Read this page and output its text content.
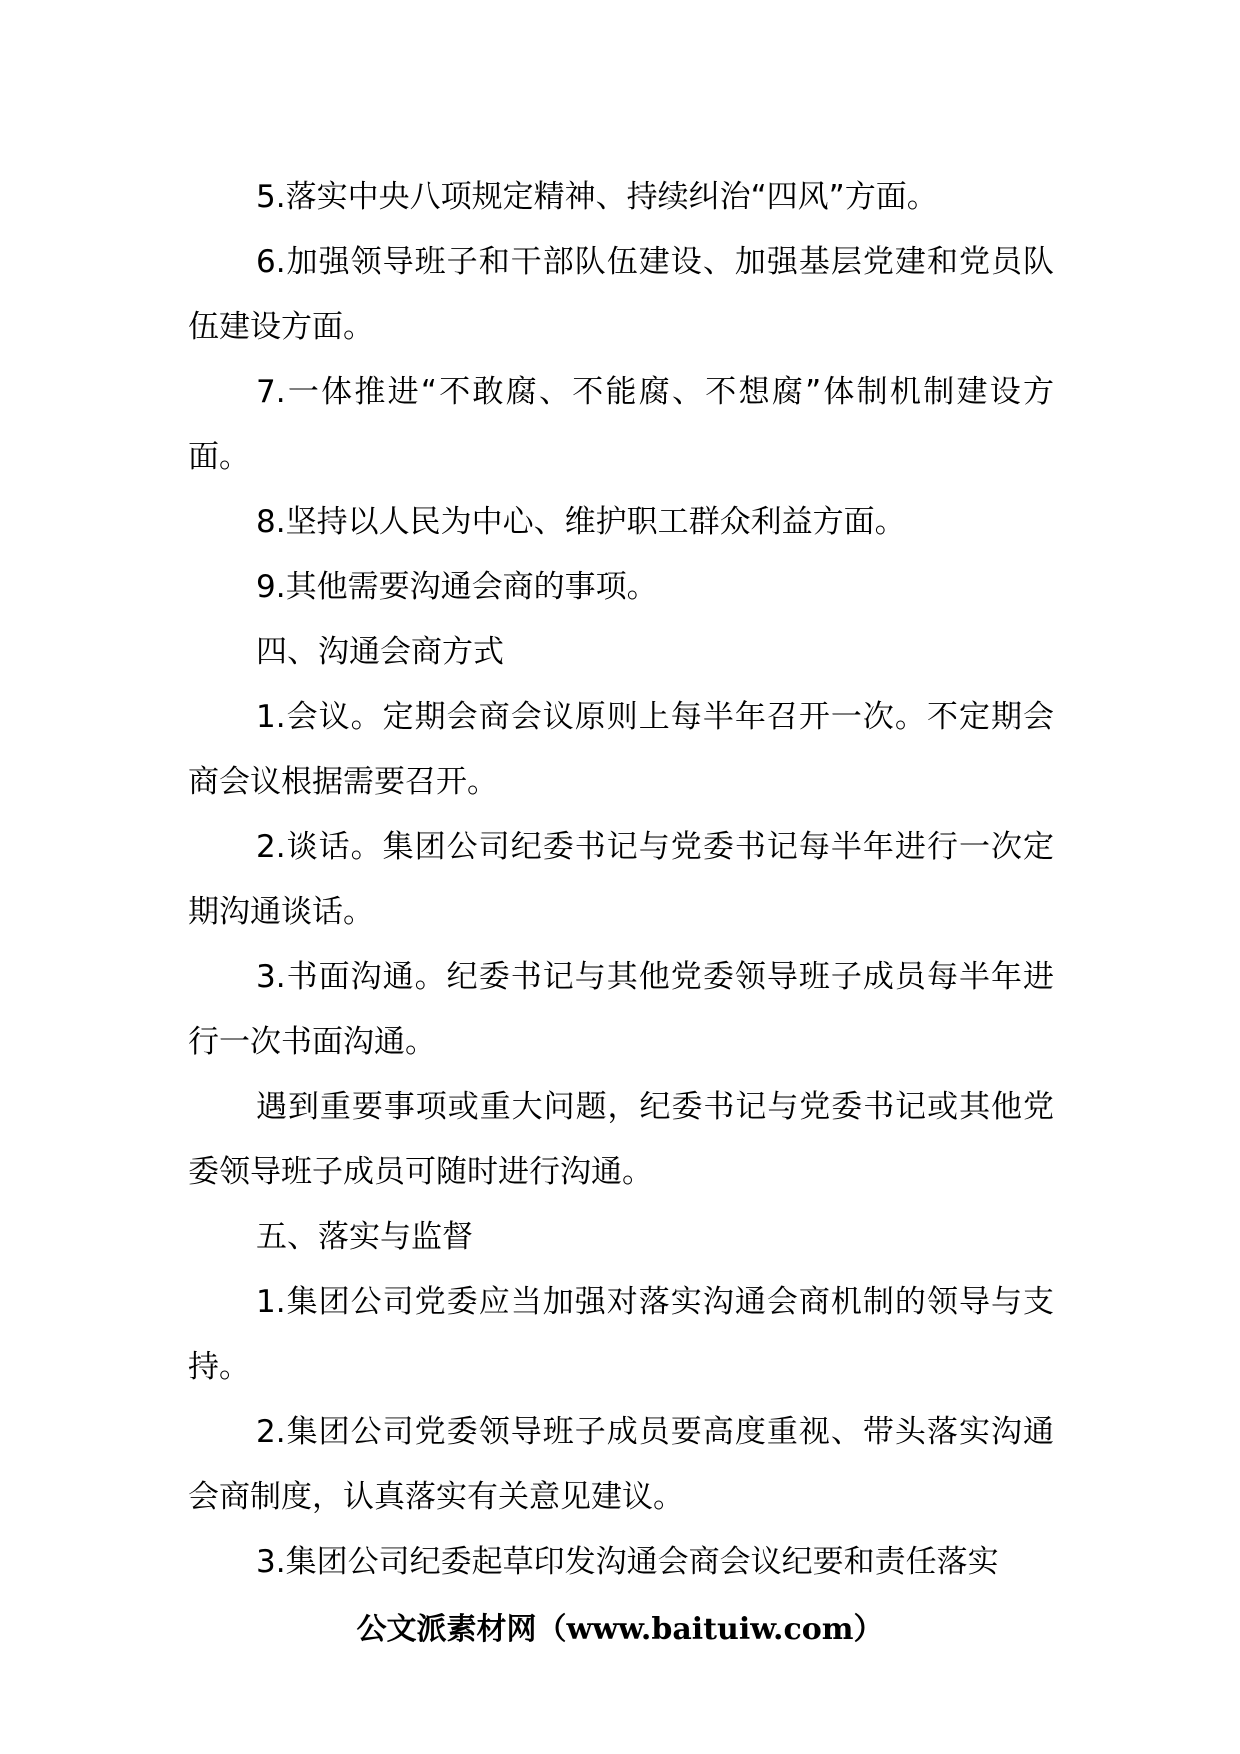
5.落实中央八项规定精神、持续纠治“四风”方面。

6.加强领导班子和干部队伍建设、加强基层党建和党员队伍建设方面。

7.一体推进“不敢腐、不能腐、不想腐”体制机制建设方面。

8.坚持以人民为中心、维护职工群众利益方面。

9.其他需要沟通会商的事项。

四、沟通会商方式

1.会议。定期会商会议原则上每半年召开一次。不定期会商会议根据需要召开。

2.谈话。集团公司纪委书记与党委书记每半年进行一次定期沟通谈话。

3.书面沟通。纪委书记与其他党委领导班子成员每半年进行一次书面沟通。

遇到重要事项或重大问题，纪委书记与党委书记或其他党委领导班子成员可随时进行沟通。

五、落实与监督

1.集团公司党委应当加强对落实沟通会商机制的领导与支持。

2.集团公司党委领导班子成员要高度重视、带头落实沟通会商制度，认真落实有关意见建议。

3.集团公司纪委起草印发沟通会商会议纪要和责任落实

公文派素材网（www.baituiw.com）
